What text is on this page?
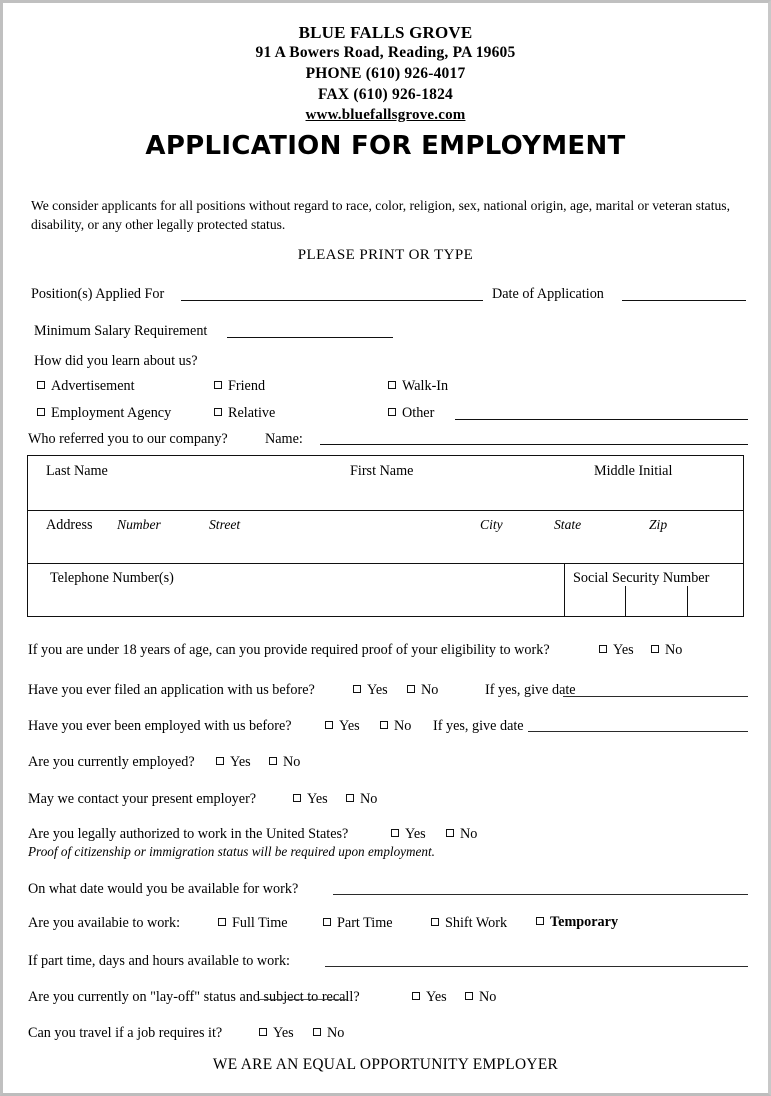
BLUE FALLS GROVE
91 A Bowers Road, Reading, PA 19605
PHONE (610) 926-4017
FAX (610) 926-1824
www.bluefallsgrove.com
APPLICATION FOR EMPLOYMENT
We consider applicants for all positions without regard to race, color, religion, sex, national origin, age, marital or veteran status, disability, or any other legally protected status.
PLEASE PRINT OR TYPE
Position(s) Applied For	Date of Application
Minimum Salary Requirement
How did you learn about us?
Advertisement	Friend	Walk-In
Employment Agency	Relative	Other
Who referred you to our company?	Name:
Last Name	First Name	Middle Initial
Address Number	Street	City	State	Zip
Telephone Number(s)	Social Security Number
If you are under 18 years of age, can you provide required proof of your eligibility to work?	Yes	No
Have you ever filed an application with us before?	Yes	No	If yes, give date
Have you ever been employed with us before?	Yes	No If yes, give date
Are you currently employed?	Yes	No
May we contact your present employer?	Yes	No
Are you legally authorized to work in the United States?	Yes	No
Proof of citizenship or immigration status will be required upon employment.
On what date would you be available for work?
Are you availabie to work:	Full Time	Part Time	Shift Work	Temporary
If part time, days and hours available to work:
Are you currently on "lay-off" status and subject to recall?	Yes	No
Can you travel if a job requires it?	Yes	No
WE ARE AN EQUAL OPPORTUNITY EMPLOYER
